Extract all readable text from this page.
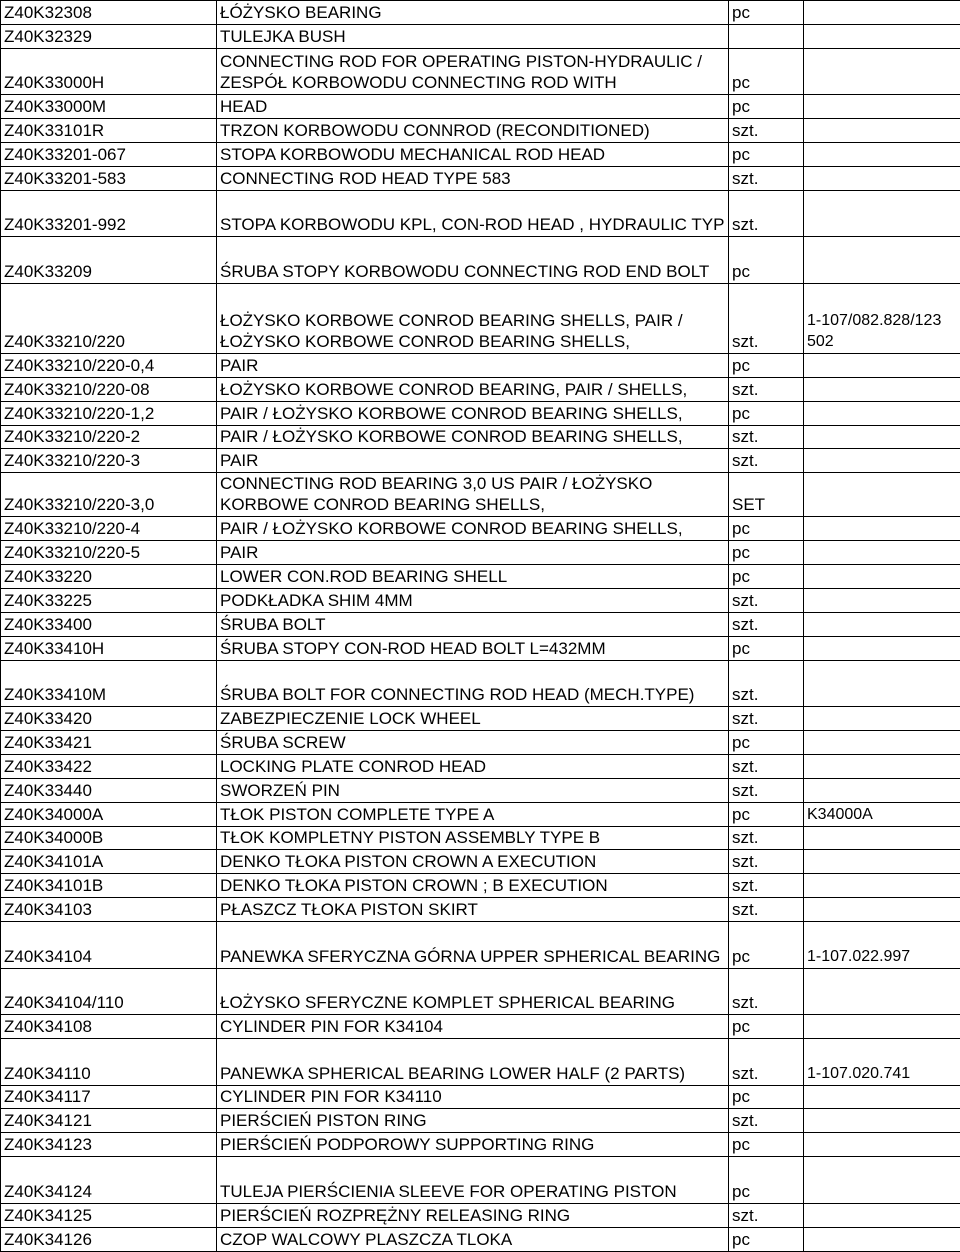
Z40K32308	ŁÓŻYSKO BEARING	pc	
Z40K32329	TULEJKA BUSH		
Z40K33000H	CONNECTING ROD FOR OPERATING PISTON-HYDRAULIC / ZESPÓŁ KORBOWODU CONNECTING ROD WITH	pc	
Z40K33000M	HEAD	pc	
Z40K33101R	TRZON KORBOWODU CONNROD (RECONDITIONED)	szt.	
Z40K33201-067	STOPA KORBOWODU MECHANICAL ROD HEAD	pc	
Z40K33201-583	CONNECTING ROD HEAD TYPE 583	szt.	
Z40K33201-992	STOPA KORBOWODU KPL, CON-ROD HEAD , HYDRAULIC TYP	szt.	
Z40K33209	ŚRUBA STOPY KORBOWODU CONNECTING ROD END BOLT	pc	
Z40K33210/220	ŁOŻYSKO KORBOWE CONROD BEARING SHELLS, PAIR / ŁOŻYSKO KORBOWE CONROD BEARING SHELLS,	szt.	1-107/082.828/123 502
Z40K33210/220-0,4	PAIR	pc	
Z40K33210/220-08	ŁOŻYSKO KORBOWE CONROD BEARING, PAIR / SHELLS,	szt.	
Z40K33210/220-1,2	PAIR / ŁOŻYSKO KORBOWE CONROD BEARING SHELLS,	pc	
Z40K33210/220-2	PAIR / ŁOŻYSKO KORBOWE CONROD BEARING SHELLS,	szt.	
Z40K33210/220-3	PAIR	szt.	
Z40K33210/220-3,0	CONNECTING ROD BEARING 3,0 US PAIR / ŁOŻYSKO KORBOWE CONROD BEARING SHELLS,	SET	
Z40K33210/220-4	PAIR / ŁOŻYSKO KORBOWE CONROD BEARING SHELLS,	pc	
Z40K33210/220-5	PAIR	pc	
Z40K33220	LOWER CON.ROD BEARING SHELL	pc	
Z40K33225	PODKŁADKA SHIM 4MM	szt.	
Z40K33400	ŚRUBA BOLT	szt.	
Z40K33410H	ŚRUBA STOPY CON-ROD HEAD BOLT L=432MM	pc	
Z40K33410M	ŚRUBA BOLT FOR CONNECTING ROD HEAD (MECH.TYPE)	szt.	
Z40K33420	ZABEZPIECZENIE LOCK WHEEL	szt.	
Z40K33421	ŚRUBA SCREW	pc	
Z40K33422	LOCKING PLATE CONROD HEAD	szt.	
Z40K33440	SWORZEŃ PIN	szt.	
Z40K34000A	TŁOK PISTON COMPLETE TYPE A	pc	K34000A
Z40K34000B	TŁOK KOMPLETNY PISTON ASSEMBLY TYPE B	szt.	
Z40K34101A	DENKO TŁOKA PISTON CROWN A EXECUTION	szt.	
Z40K34101B	DENKO TŁOKA PISTON CROWN ; B EXECUTION	szt.	
Z40K34103	PŁASZCZ TŁOKA PISTON SKIRT	szt.	
Z40K34104	PANEWKA SFERYCZNA GÓRNA UPPER SPHERICAL BEARING	pc	1-107.022.997
Z40K34104/110	ŁOŻYSKO SFERYCZNE KOMPLET SPHERICAL BEARING	szt.	
Z40K34108	CYLINDER PIN FOR K34104	pc	
Z40K34110	PANEWKA SPHERICAL BEARING LOWER HALF (2 PARTS)	szt.	1-107.020.741
Z40K34117	CYLINDER PIN FOR K34110	pc	
Z40K34121	PIERŚCIEŃ PISTON RING	szt.	
Z40K34123	PIERŚCIEŃ PODPOROWY SUPPORTING RING	pc	
Z40K34124	TULEJA PIERŚCIENIA SLEEVE FOR OPERATING PISTON	pc	
Z40K34125	PIERŚCIEŃ ROZPRĘŻNY RELEASING RING	szt.	
Z40K34126	CZOP WALCOWY PLASZCZA TLOKA	pc	
